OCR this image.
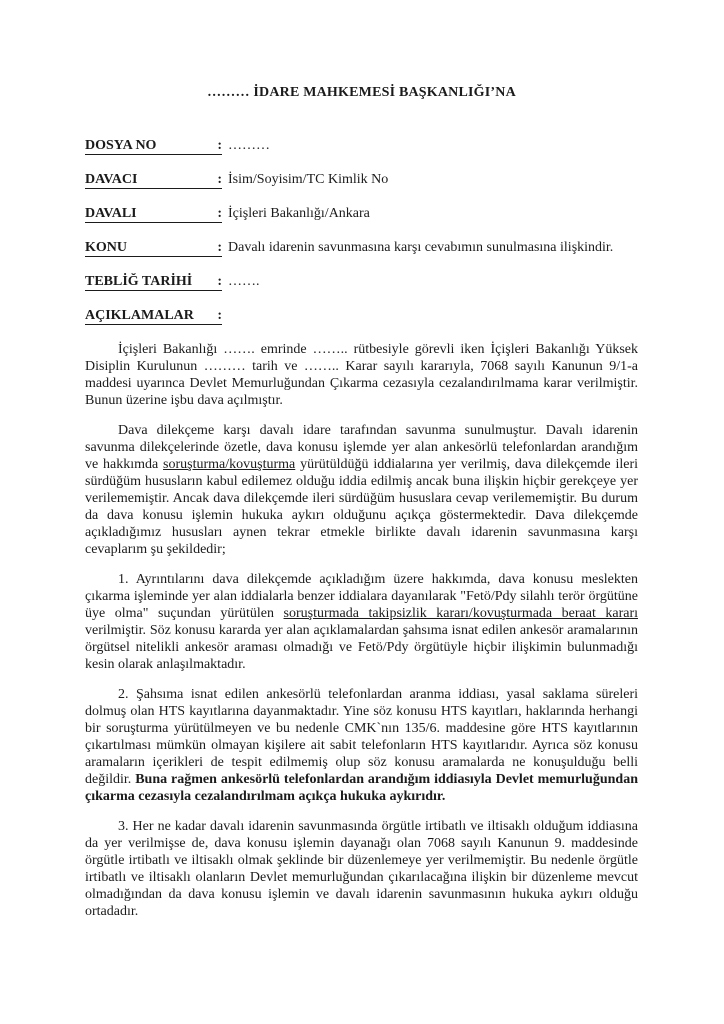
……… İDARE MAHKEMESİ BAŞKANLIĞI’NA
DOSYA NO	: ………
DAVACI	: İsim/Soyisim/TC Kimlik No
DAVALI	: İçişleri Bakanlığı/Ankara
KONU	: Davalı idarenin savunmasına karşı cevabımın sunulmasına ilişkindir.
TEBLİĞ TARİHİ : …….
AÇIKLAMALAR :

İçişleri Bakanlığı ……. emrinde …….. rütbesiyle görevli iken İçişleri Bakanlığı Yüksek Disiplin Kurulunun ……… tarih ve …….. Karar sayılı kararıyla, 7068 sayılı Kanunun 9/1-a maddesi uyarınca Devlet Memurluğundan Çıkarma cezasıyla cezalandırılmama karar verilmiştir. Bunun üzerine işbu dava açılmıştır.

Dava dilekçeme karşı davalı idare tarafından savunma sunulmuştur. Davalı idarenin savunma dilekçelerinde özetle, dava konusu işlemde yer alan ankesörlü telefonlardan arandığım ve hakkımda soruşturma/kovuşturma yürütüldüğü iddialarına yer verilmiş, dava dilekçemde ileri sürdüğüm hususların kabul edilemez olduğu iddia edilmiş ancak buna ilişkin hiçbir gerekçeye yer verilememiştir. Ancak dava dilekçemde ileri sürdüğüm hususlara cevap verilememiştir. Bu durum da dava konusu işlemin hukuka aykırı olduğunu açıkça göstermektedir. Dava dilekçemde açıkladığımız hususları aynen tekrar etmekle birlikte davalı idarenin savunmasına karşı cevaplarım şu şekildedir;

1. Ayrıntılarını dava dilekçemde açıkladığım üzere hakkımda, dava konusu meslekten çıkarma işleminde yer alan iddialarla benzer iddialara dayanılarak "Fetö/Pdy silahlı terör örgütüne üye olma" suçundan yürütülen soruşturmada takipsizlik kararı/kovuşturmada beraat kararı verilmiştir. Söz konusu kararda yer alan açıklamalardan şahsıma isnat edilen ankesör aramalarının örgütsel nitelikli ankesör araması olmadığı ve Fetö/Pdy örgütüyle hiçbir ilişkimin bulunmadığı kesin olarak anlaşılmaktadır.

2. Şahsıma isnat edilen ankesörlü telefonlardan aranma iddiası, yasal saklama süreleri dolmuş olan HTS kayıtlarına dayanmaktadır. Yine söz konusu HTS kayıtları, haklarında herhangi bir soruşturma yürütülmeyen ve bu nedenle CMK`nın 135/6. maddesine göre HTS kayıtlarının çıkartılması mümkün olmayan kişilere ait sabit telefonların HTS kayıtlarıdır. Ayrıca söz konusu aramaların içerikleri de tespit edilmemiş olup söz konusu aramalarda ne konuşulduğu belli değildir. Buna rağmen ankesörlü telefonlardan arandığım iddiasıyla Devlet memurluğundan çıkarma cezasıyla cezalandırılmam açıkça hukuka aykırıdır.

3. Her ne kadar davalı idarenin savunmasında örgütle irtibatlı ve iltisaklı olduğum iddiasına da yer verilmişse de, dava konusu işlemin dayanağı olan 7068 sayılı Kanunun 9. maddesinde örgütle irtibatlı ve iltisaklı olmak şeklinde bir düzenlemeye yer verilmemiştir. Bu nedenle örgütle irtibatlı ve iltisaklı olanların Devlet memurluğundan çıkarılacağına ilişkin bir düzenleme mevcut olmadığından da dava konusu işlemin ve davalı idarenin savunmasının hukuka aykırı olduğu ortadadır.
